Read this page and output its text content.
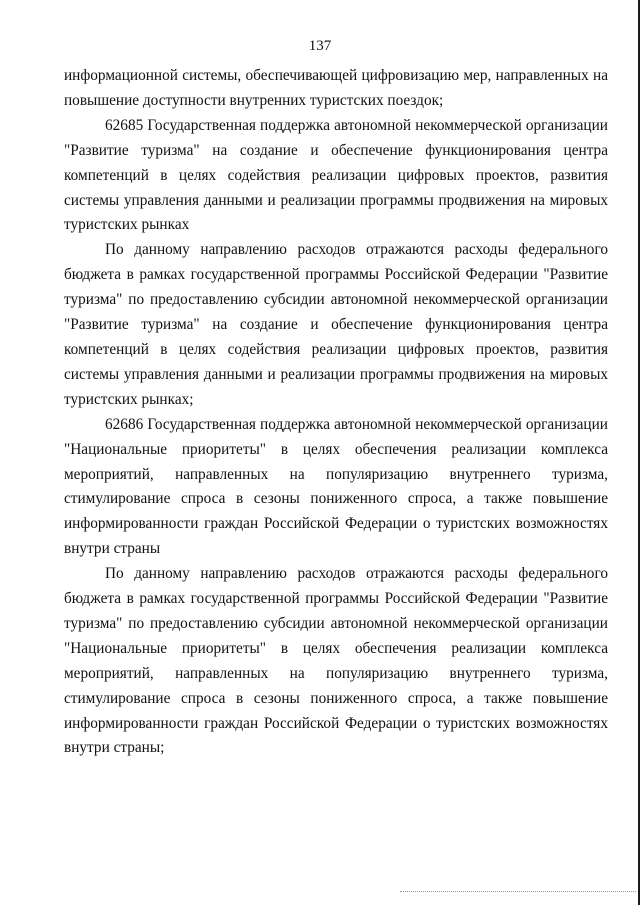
137

информационной системы, обеспечивающей цифровизацию мер, направленных на повышение доступности внутренних туристских поездок;

62685 Государственная поддержка автономной некоммерческой организации "Развитие туризма" на создание и обеспечение функционирования центра компетенций в целях содействия реализации цифровых проектов, развития системы управления данными и реализации программы продвижения на мировых туристских рынках

По данному направлению расходов отражаются расходы федерального бюджета в рамках государственной программы Российской Федерации "Развитие туризма" по предоставлению субсидии автономной некоммерческой организации "Развитие туризма" на создание и обеспечение функционирования центра компетенций в целях содействия реализации цифровых проектов, развития системы управления данными и реализации программы продвижения на мировых туристских рынках;

62686 Государственная поддержка автономной некоммерческой организации "Национальные приоритеты" в целях обеспечения реализации комплекса мероприятий, направленных на популяризацию внутреннего туризма, стимулирование спроса в сезоны пониженного спроса, а также повышение информированности граждан Российской Федерации о туристских возможностях внутри страны

По данному направлению расходов отражаются расходы федерального бюджета в рамках государственной программы Российской Федерации "Развитие туризма" по предоставлению субсидии автономной некоммерческой организации "Национальные приоритеты" в целях обеспечения реализации комплекса мероприятий, направленных на популяризацию внутреннего туризма, стимулирование спроса в сезоны пониженного спроса, а также повышение информированности граждан Российской Федерации о туристских возможностях внутри страны;
